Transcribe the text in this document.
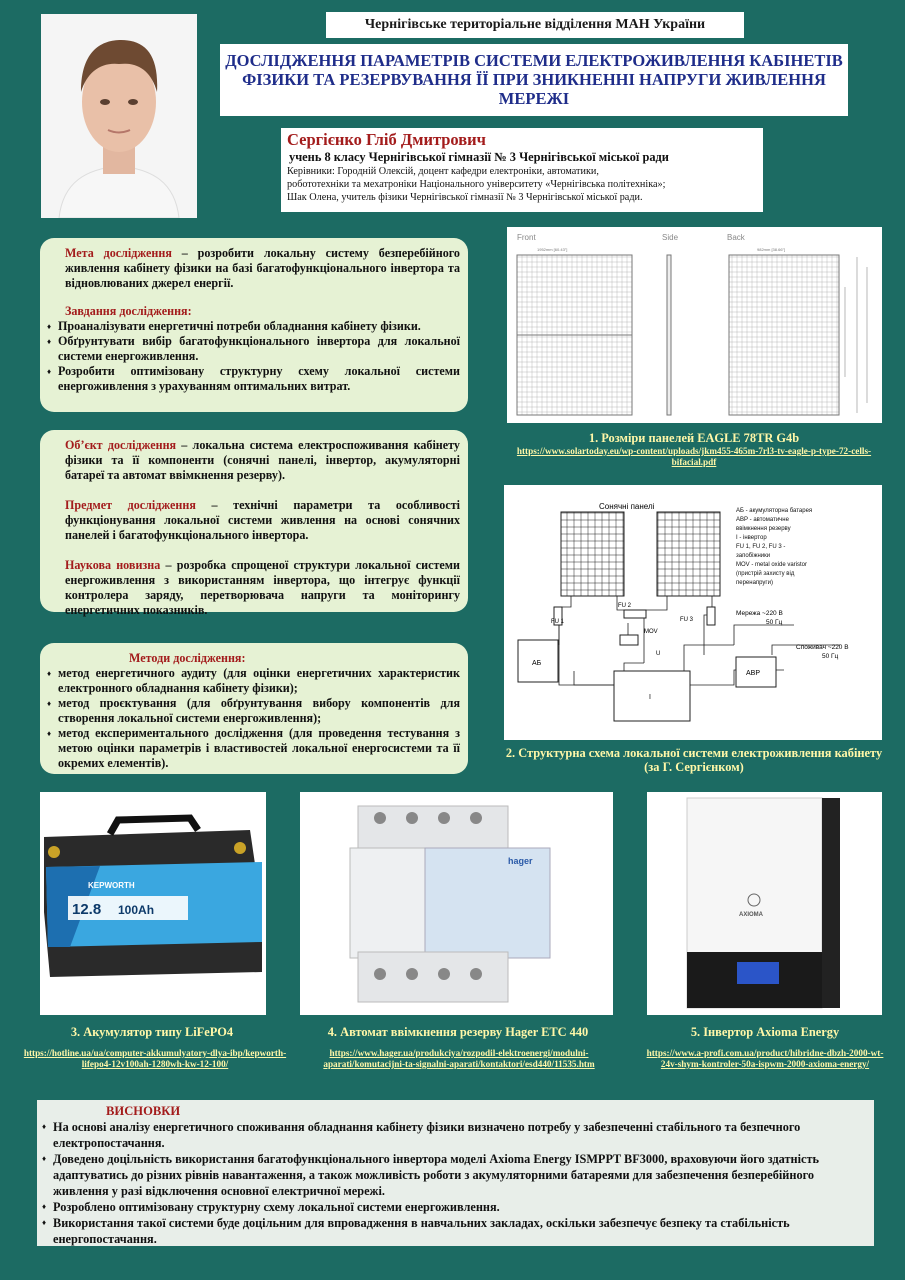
Чернігівське територіальне відділення МАН України
ДОСЛІДЖЕННЯ ПАРАМЕТРІВ СИСТЕМИ ЕЛЕКТРОЖИВЛЕННЯ КАБІНЕТІВ ФІЗИКИ ТА РЕЗЕРВУВАННЯ ЇЇ ПРИ ЗНИКНЕННІ НАПРУГИ ЖИВЛЕННЯ МЕРЕЖІ
Сергієнко Гліб Дмитрович
учень 8 класу Чернігівської гімназії № 3 Чернігівської міської ради
Керівники: Городній Олексій, доцент кафедри електроніки, автоматики,
робототехніки та мехатроніки Національного університету «Чернігівська політехніка»;
Шак Олена, учитель фізики Чернігівської гімназії № 3 Чернігівської міської ради.

Мета дослідження – розробити локальну систему безперебійного живлення кабінету фізики на базі багатофункціонального інвертора та відновлюваних джерел енергії.

Завдання дослідження:

♦ Проаналізувати енергетичні потреби обладнання кабінету фізики.
♦ Обґрунтувати вибір багатофункціонального інвертора для локальної системи енергоживлення.
♦ Розробити оптимізовану структурну схему локальної системи енергоживлення з урахуванням оптимальних витрат.

Об’єкт дослідження – локальна система електроспоживання кабінету фізики та її компоненти (сонячні панелі, інвертор, акумуляторні батареї та автомат ввімкнення резерву).

Предмет дослідження – технічні параметри та особливості функціонування локальної системи живлення на основі сонячних панелей і багатофункціонального інвертора.

Наукова новизна – розробка спрощеної структури локальної системи енергоживлення з використанням інвертора, що інтегрує функції контролера заряду, перетворювача напруги та моніторингу енергетичних показників.

Методи дослідження:

♦ метод енергетичного аудиту (для оцінки енергетичних характеристик електронного обладнання кабінету фізики);
♦ метод проєктування (для обґрунтування вибору компонентів для створення локальної системи енергоживлення);
♦ метод експериментального дослідження (для проведення тестування з метою оцінки параметрів і властивостей локальної енергосистеми та її окремих елементів).
Front	Side	Back
1952mm [60.43"]	982mm [38.66"]
1. Розміри панелей EAGLE 78TR G4b
https://www.solartoday.eu/wp-content/uploads/jkm455-465m-7rl3-tv-eagle-p-type-72-cells-bifacial.pdf
Сонячні панелі	АБ - акумуляторна батарея
АВР - автоматичне
ввімкнення резерву
І - інвертор
FU 1, FU 2, FU 3 -
запобіжники
MOV - metal oxide varistor
(пристрій захисту від
перенапруги)
FU 1
FU 2
FU 3
MOV
U
АБ
I
АВР
Мережа ~220 В
50 Гц
Споживач ~220 В
50 Гц
2. Структурна схема локальної системи електроживлення кабінету (за Г. Сергієнком)
KEPWORTH
12.8 100Ah
3. Акумулятор типу LiFePO4
https://hotline.ua/ua/computer-akkumulyatory-dlya-ibp/kepworth-lifepo4-12v100ah-1280wh-kw-12-100/
hager
4. Автомат ввімкнення резерву Hager ETC 440
https://www.hager.ua/produkciya/rozpodil-elektroenergi/modulni-aparati/komutacijni-ta-signalni-aparati/kontaktori/esd440/11535.htm
AXIOMA
5. Інвертор Axioma Energy
https://www.a-profi.com.ua/product/hibridne-dbzh-2000-wt-24v-shym-kontroler-50a-ispwm-2000-axioma-energy/
ВИСНОВКИ
♦ На основі аналізу енергетичного споживання обладнання кабінету фізики визначено потребу у забезпеченні стабільного та безпечного електропостачання.
♦ Доведено доцільність використання багатофункціонального інвертора моделі Axioma Energy ISMPPT BF3000, враховуючи його здатність адаптуватись до різних рівнів навантаження, а також можливість роботи з акумуляторними батареями для забезпечення безперебійного живлення у разі відключення основної електричної мережі.
♦ Розроблено оптимізовану структурну схему локальної системи енергоживлення.
♦ Використання такої системи буде доцільним для впровадження в навчальних закладах, оскільки забезпечує безпеку та стабільність енергопостачання.
